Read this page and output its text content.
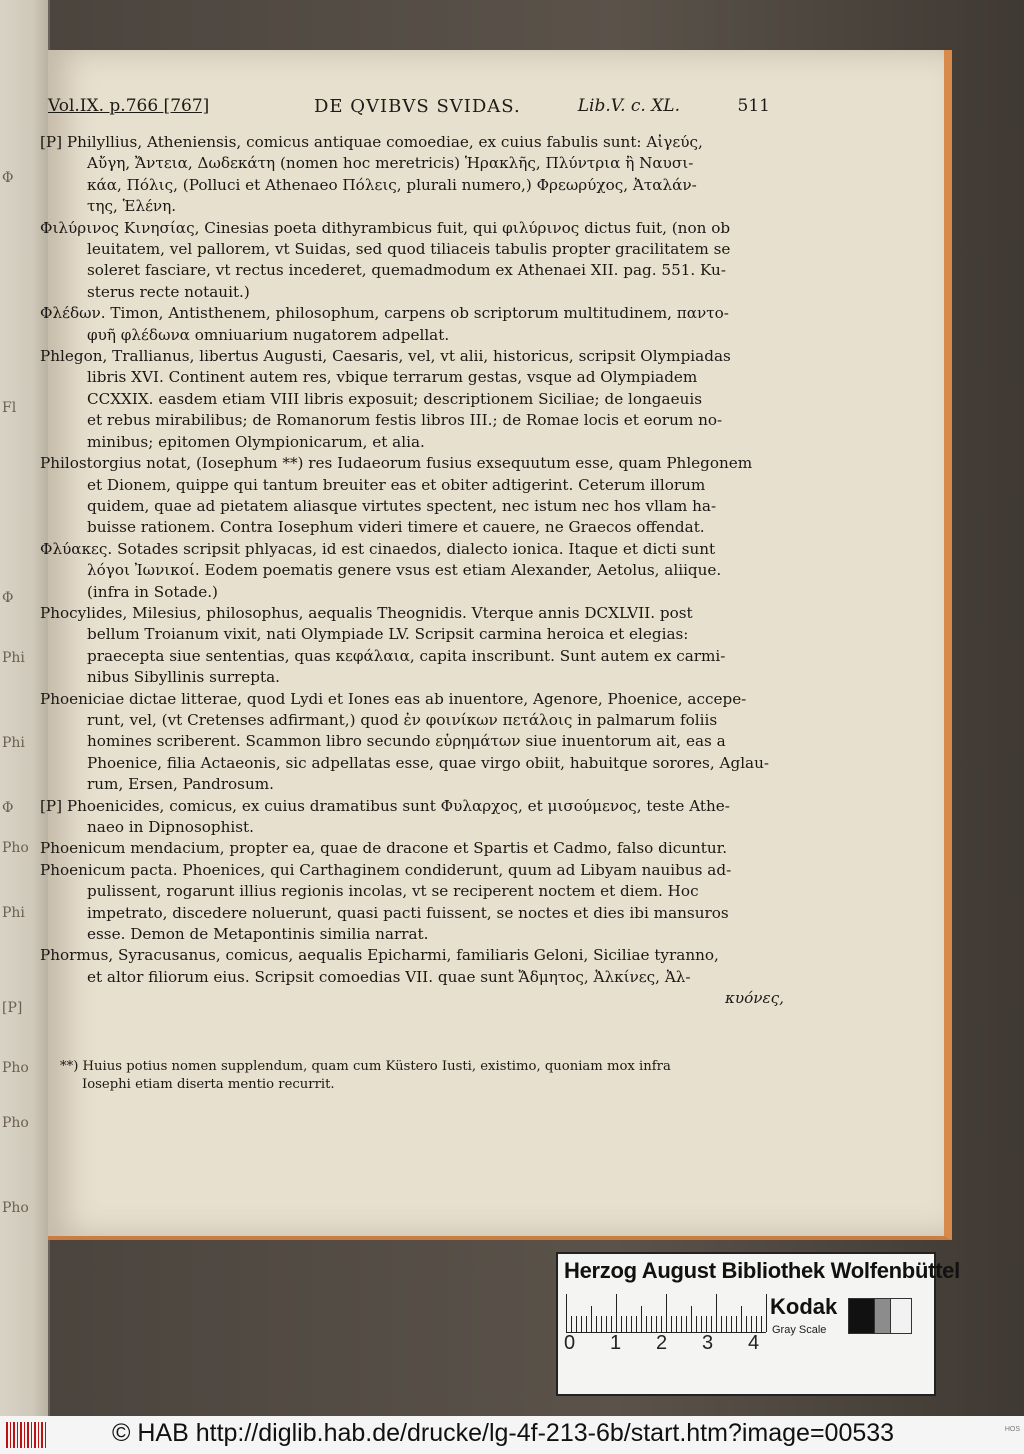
Φ
Fl
Φ
Phi
Phi
Φ
Pho
Phi
[P]
Pho
Pho
Pho
Vol.IX. p.766 [767]	DE QVIBVS SVIDAS.	Lib.V. c. XL.	511
[P] Philyllius, Atheniensis, comicus antiquae comoediae, ex cuius fabulis sunt: Αἰγεύς,
Αὔγη, Ἄντεια, Δωδεκάτη (nomen hoc meretricis) Ἡρακλῆς, Πλύντρια ἢ Ναυσι-
κάα, Πόλις, (Polluci et Athenaeo Πόλεις, plurali numero,) Φρεωρύχος, Ἀταλάν-
της, Ἑλένη.
Φιλύρινος Κινησίας, Cinesias poeta dithyrambicus fuit, qui φιλύρινος dictus fuit, (non ob
leuitatem, vel pallorem, vt Suidas, sed quod tiliaceis tabulis propter gracilitatem se
soleret fasciare, vt rectus incederet, quemadmodum ex Athenaei XII. pag. 551. Ku-
sterus recte notauit.)
Φλέδων. Timon, Antisthenem, philosophum, carpens ob scriptorum multitudinem, παντο-
φυῆ φλέδωνα omniuarium nugatorem adpellat.
Phlegon, Trallianus, libertus Augusti, Caesaris, vel, vt alii, historicus, scripsit Olympiadas
libris XVI. Continent autem res, vbique terrarum gestas, vsque ad Olympiadem
CCXXIX. easdem etiam VIII libris exposuit; descriptionem Siciliae; de longaeuis
et rebus mirabilibus; de Romanorum festis libros III.; de Romae locis et eorum no-
minibus; epitomen Olympionicarum, et alia.
Philostorgius notat, (Iosephum **) res Iudaeorum fusius exsequutum esse, quam Phlegonem
et Dionem, quippe qui tantum breuiter eas et obiter adtigerint. Ceterum illorum
quidem, quae ad pietatem aliasque virtutes spectent, nec istum nec hos vllam ha-
buisse rationem. Contra Iosephum videri timere et cauere, ne Graecos offendat.
Φλύακες. Sotades scripsit phlyacas, id est cinaedos, dialecto ionica. Itaque et dicti sunt
λόγοι Ἰωνικοί. Eodem poematis genere vsus est etiam Alexander, Aetolus, aliique.
(infra in Sotade.)
Phocylides, Milesius, philosophus, aequalis Theognidis. Vterque annis DCXLVII. post
bellum Troianum vixit, nati Olympiade LV. Scripsit carmina heroica et elegias:
praecepta siue sententias, quas κεφάλαια, capita inscribunt. Sunt autem ex carmi-
nibus Sibyllinis surrepta.
Phoeniciae dictae litterae, quod Lydi et Iones eas ab inuentore, Agenore, Phoenice, accepe-
runt, vel, (vt Cretenses adfirmant,) quod ἐν φοινίκων πετάλοις in palmarum foliis
homines scriberent. Scammon libro secundo εὑρημάτων siue inuentorum ait, eas a
Phoenice, filia Actaeonis, sic adpellatas esse, quae virgo obiit, habuitque sorores, Aglau-
rum, Ersen, Pandrosum.
[P] Phoenicides, comicus, ex cuius dramatibus sunt Φυλαρχος, et μισούμενος, teste Athe-
naeo in Dipnosophist.
Phoenicum mendacium, propter ea, quae de dracone et Spartis et Cadmo, falso dicuntur.
Phoenicum pacta. Phoenices, qui Carthaginem condiderunt, quum ad Libyam nauibus ad-
pulissent, rogarunt illius regionis incolas, vt se reciperent noctem et diem. Hoc
impetrato, discedere noluerunt, quasi pacti fuissent, se noctes et dies ibi mansuros
esse. Demon de Metapontinis similia narrat.
Phormus, Syracusanus, comicus, aequalis Epicharmi, familiaris Geloni, Siciliae tyranno,
et altor filiorum eius. Scripsit comoedias VII. quae sunt Ἄδμητος, Ἀλκίνες, Ἀλ-
κυόνες,
**) Huius potius nomen supplendum, quam cum Küstero Iusti, existimo, quoniam mox infra
Iosephi etiam diserta mentio recurrit.
Herzog August Bibliothek Wolfenbüttel
Kodak
Gray Scale
0 1 2 3 4
© HAB http://diglib.hab.de/drucke/lg-4f-213-6b/start.htm?image=00533	HOS
